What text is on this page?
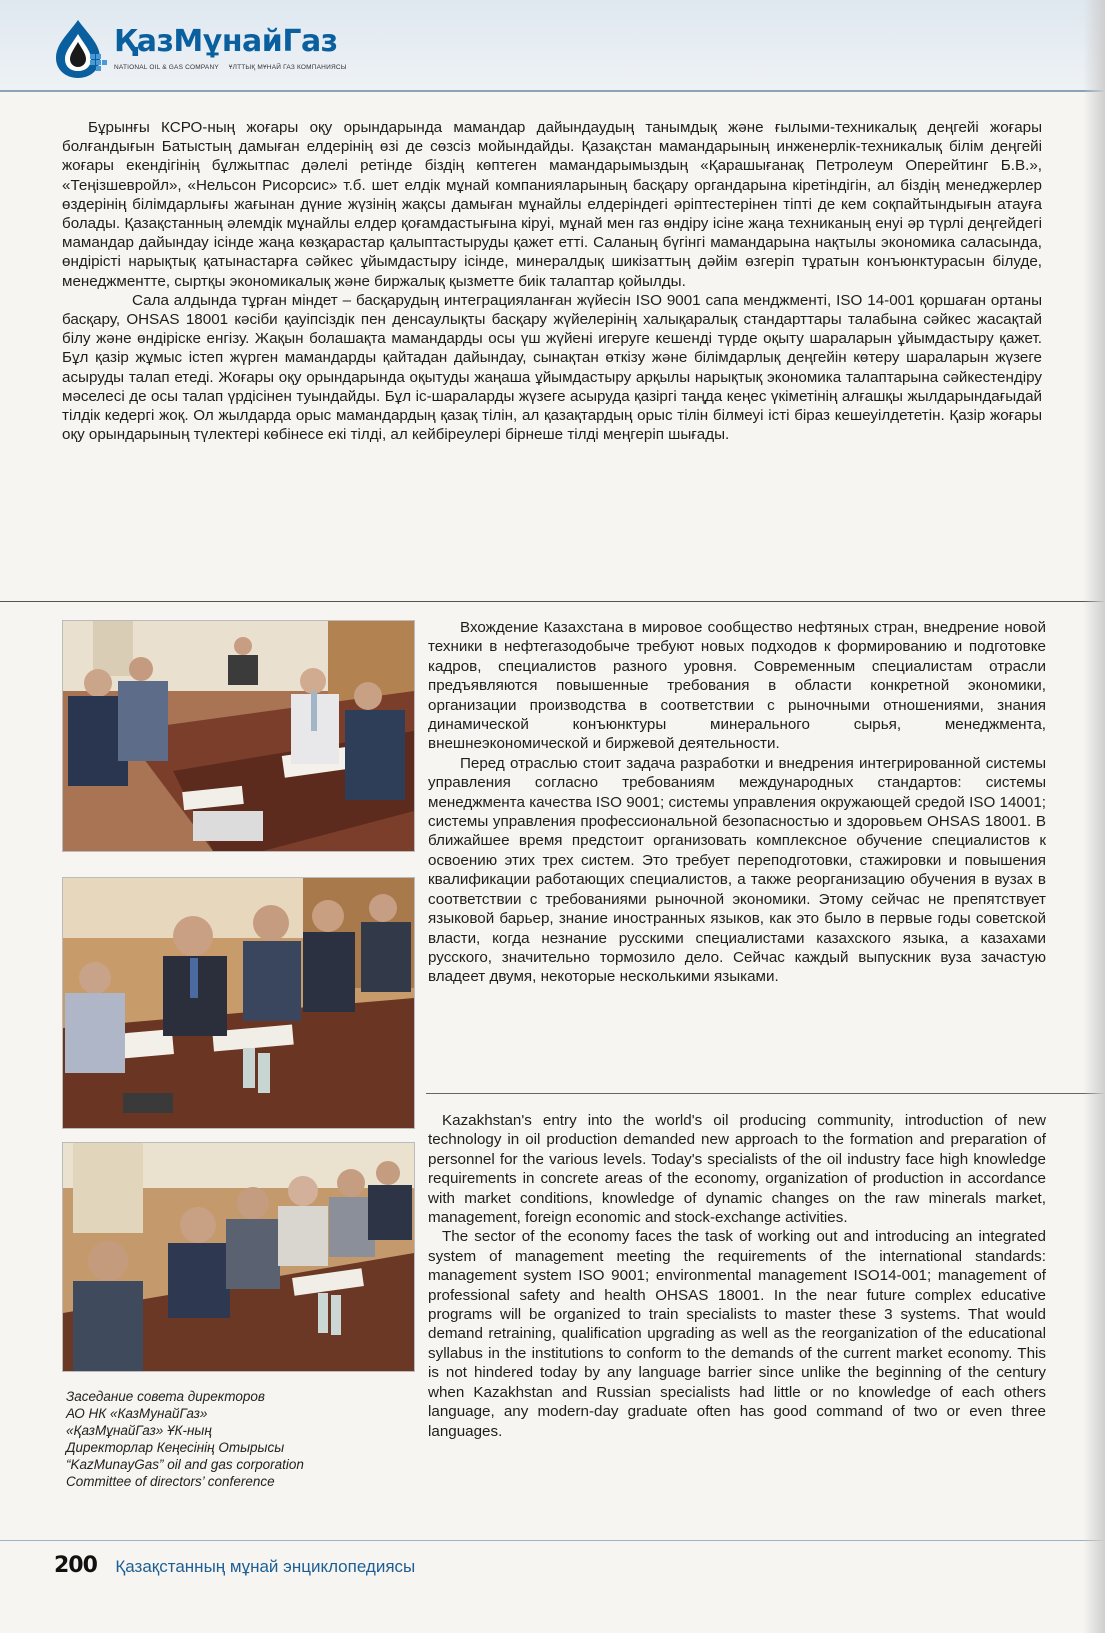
ҚазМұнайГаз
NATIONAL OIL & GAS COMPANY ҰЛТТЫҚ МҰНАЙ ГАЗ КОМПАНИЯСЫ

Бұрынғы КСРО-ның жоғары оқу орындарында мамандар дайындаудың танымдық және ғылыми-техникалық деңгейі жоғары болғандығын Батыстың дамыған елдерінің өзі де сөзсіз мойындайды. Қазақстан мамандарының инженерлік-техникалық білім деңгейі жоғары екендігінің бұлжытпас дәлелі ретінде біздің көптеген мамандарымыздың «Қарашығанақ Петролеум Оперейтинг Б.В.», «Теңізшевройл», «Нельсон Рисорсис» т.б. шет елдік мұнай компанияларының басқару органдарына кіретіндігін, ал біздің менеджерлер өздерінің білімдарлығы жағынан дүние жүзінің жақсы дамыған мұнайлы елдеріндегі әріптестерінен тіпті де кем соқпайтындығын атауға болады. Қазақстанның әлемдік мұнайлы елдер қоғамдастығына кіруі, мұнай мен газ өндіру ісіне жаңа техниканың енуі әр түрлі деңгейдегі мамандар дайындау ісінде жаңа көзқарастар қалыптастыруды қажет етті. Саланың бүгінгі мамандарына нақтылы экономика саласында, өндірісті нарықтық қатынастарға сәйкес ұйымдастыру ісінде, минералдық шикізаттың дәйім өзгеріп тұратын конъюнктурасын білуде, менеджментте, сыртқы экономикалық және биржалық қызметте биік талаптар қойылды.

Сала алдында тұрған міндет – басқарудың интеграцияланған жүйесін ISO 9001 сапа менджменті, ISO 14-001 қоршаған ортаны басқару, OHSAS 18001 кәсіби қауіпсіздік пен денсаулықты басқару жүйелерінің халықаралық стандарттары талабына сәйкес жасақтай білу және өндіріске енгізу. Жақын болашақта мамандарды осы үш жүйені игеруге кешенді түрде оқыту шараларын ұйымдастыру қажет. Бұл қазір жұмыс істеп жүрген мамандарды қайтадан дайындау, сынақтан өткізу және білімдарлық деңгейін көтеру шараларын жүзеге асыруды талап етеді. Жоғары оқу орындарында оқытуды жаңаша ұйымдастыру арқылы нарықтық экономика талаптарына сәйкестендіру мәселесі де осы талап үрдісінен туындайды. Бұл іс-шараларды жүзеге асыруда қазіргі таңда кеңес үкіметінің алғашқы жылдарындағыдай тілдік кедергі жоқ. Ол жылдарда орыс мамандардың қазақ тілін, ал қазақтардың орыс тілін білмеуі істі біраз кешеуілдететін. Қазір жоғары оқу орындарының түлектері көбінесе екі тілді, ал кейбіреулері бірнеше тілді меңгеріп шығады.

Заседание совета директоров
АО НК «КазМунайГаз»
«ҚазМұнайГаз» ҰК-ның
Директорлар Кеңесінің Отырысы
“KazMunayGas” oil and gas corporation
Committee of directors’ conference

Вхождение Казахстана в мировое сообщество нефтяных стран, внедрение новой техники в нефтегазодобыче требуют новых подходов к формированию и подготовке кадров, специалистов разного уровня. Современным специалистам отрасли предъявляются повышенные требования в области конкретной экономики, организации производства в соответствии с рыночными отношениями, знания динамической конъюнктуры минерального сырья, менеджмента, внешнеэкономической и биржевой деятельности.

Перед отраслью стоит задача разработки и внедрения интегрированной системы управления согласно требованиям международных стандартов: системы менеджмента качества ISO 9001; системы управления окружающей средой ISO 14001; системы управления профессиональной безопасностью и здоровьем OHSAS 18001. В ближайшее время предстоит организовать комплексное обучение специалистов к освоению этих трех систем. Это требует переподготовки, стажировки и повышения квалификации работающих специалистов, а также реорганизацию обучения в вузах в соответствии с требованиями рыночной экономики. Этому сейчас не препятствует языковой барьер, знание иностранных языков, как это было в первые годы советской власти, когда незнание русскими специалистами казахского языка, а казахами русского, значительно тормозило дело. Сейчас каждый выпускник вуза зачастую владеет двумя, некоторые несколькими языками.

Kazakhstan's entry into the world's oil producing community, introduction of new technology in oil production demanded new approach to the formation and preparation of personnel for the various levels. Today's specialists of the oil industry face high knowledge requirements in concrete areas of the economy, organization of production in accordance with market conditions, knowledge of dynamic changes on the raw minerals market, management, foreign economic and stock-exchange activities.

The sector of the economy faces the task of working out and introducing an integrated system of management meeting the requirements of the international standards: management system ISO 9001; environmental management ISO14-001; management of professional safety and health OHSAS 18001. In the near future complex educative programs will be organized to train specialists to master these 3 systems. That would demand retraining, qualification upgrading as well as the reorganization of the educational syllabus in the institutions to conform to the demands of the current market economy. This is not hindered today by any language barrier since unlike the beginning of the century when Kazakhstan and Russian specialists had little or no knowledge of each others language, any modern-day graduate often has good command of two or even three languages.

200 Қазақстанның мұнай энциклопедиясы
